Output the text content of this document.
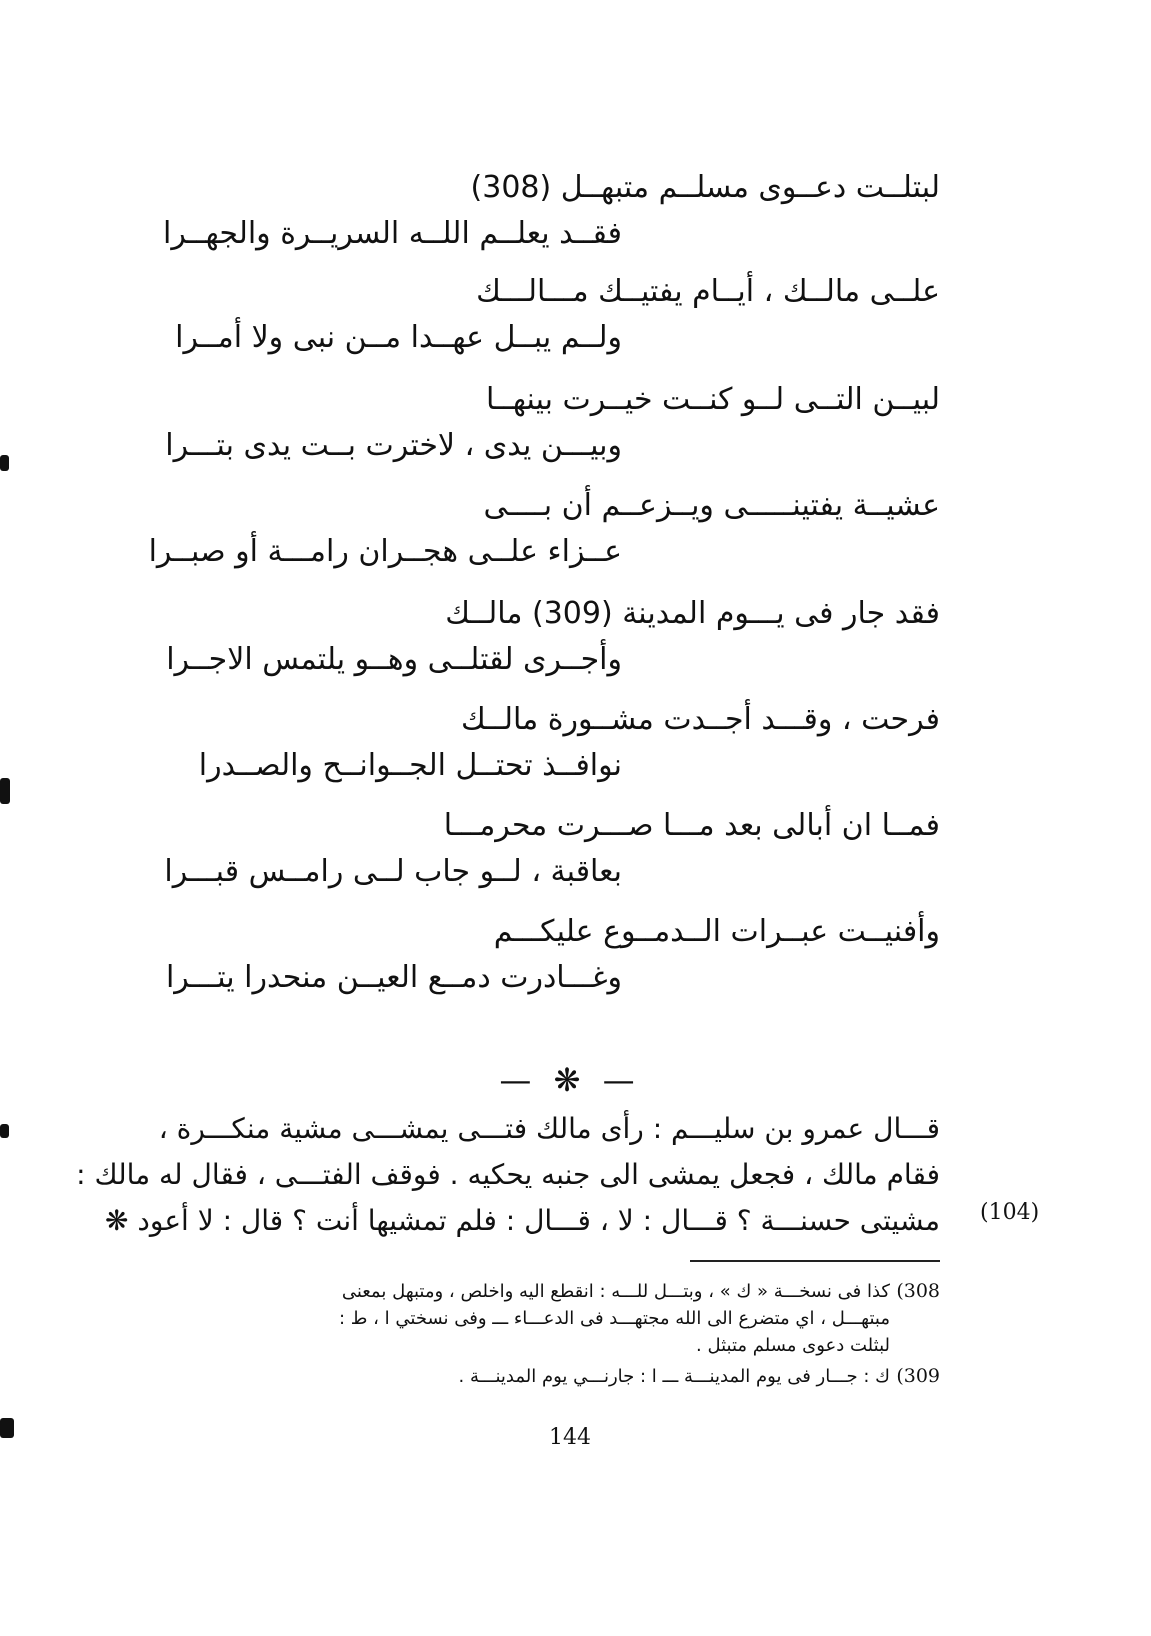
لبتلــت دعــوى مسلــم متبهــل (308)
فقــد يعلــم اللــه السريــرة والجهــرا
علــى مالــك ، أيــام يفتيــك مـــالـــك
ولــم يبــل عهــدا مــن نبى ولا أمــرا
لبيــن التــى لــو كنــت خيــرت بينهــا
وبيـــن يدى ، لاخترت بــت يدى بتـــرا
عشيــة يفتينـــــى ويــزعــم أن بــــى
عــزاء علــى هجــران رامـــة أو صبــرا
فقد جار فى يـــوم المدينة (309) مالــك
وأجــرى لقتلــى وهــو يلتمس الاجــرا
فرحت ، وقـــد أجــدت مشــورة مالــك
نوافــذ تحتــل الجــوانــح والصــدرا
فمــا ان أبالى بعد مـــا صـــرت محرمـــا
بعاقبة ، لــو جاب لــى رامــس قبـــرا
وأفنيــت عبــرات الــدمــوع عليكـــم
وغـــادرت دمــع العيــن منحدرا يتـــرا
— ❋ —
قـــال عمرو بن سليـــم : رأى مالك فتـــى يمشـــى مشية منكـــرة ،
فقام مالك ، فجعل يمشى الى جنبه يحكيه . فوقف الفتـــى ، فقال له مالك :
مشيتى حسنـــة ؟ قـــال : لا ، قـــال : فلم تمشيها أنت ؟ قال : لا أعود ❋ (104)
308)
كذا فى نسخـــة « ك » ، وبتـــل للـــه : انقطع اليه واخلص ، ومتبهل بمعنى
مبتهـــل ، اي متضرع الى الله مجتهـــد فى الدعـــاء ـــ وفى نسختي ا ، ط :
لبثلت دعوى مسلم متبثل .
309)
ك : جـــار فى يوم المدينـــة ـــ ا : جارنـــي يوم المدينـــة .
144
